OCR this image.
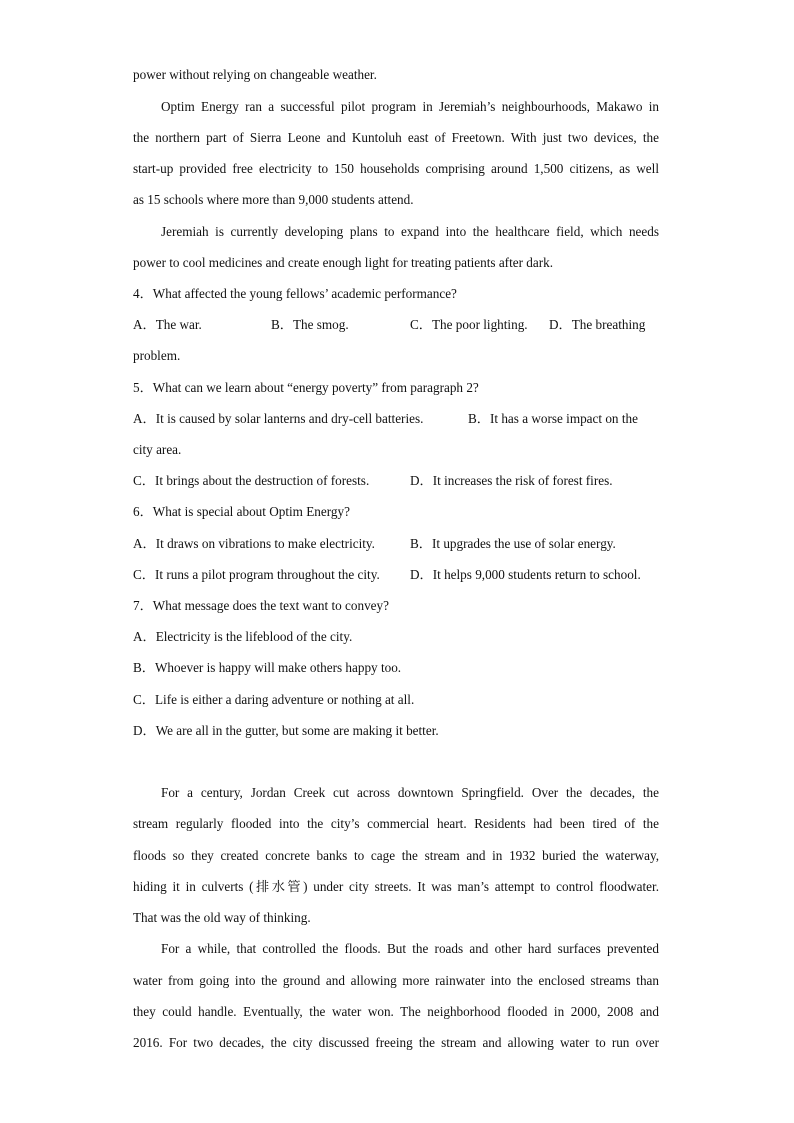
power without relying on changeable weather.
Optim Energy ran a successful pilot program in Jeremiah’s neighbourhoods, Makawo in
the northern part of Sierra Leone and Kuntoluh east of Freetown. With just two devices, the
start-up provided free electricity to 150 households comprising around 1,500 citizens, as well
as 15 schools where more than 9,000 students attend.
Jeremiah is currently developing plans to expand into the healthcare field, which needs
power to cool medicines and create enough light for treating patients after dark.
4．What affected the young fellows’ academic performance?
A．The war.	B．The smog.	C．The poor lighting. D．The breathing
problem.
5．What can we learn about “energy poverty” from paragraph 2?
A．It is caused by solar lanterns and dry-cell batteries.	B．It has a worse impact on the
city area.
C．It brings about the destruction of forests.	D．It increases the risk of forest fires.
6．What is special about Optim Energy?
A．It draws on vibrations to make electricity.	B．It upgrades the use of solar energy.
C．It runs a pilot program throughout the city. D．It helps 9,000 students return to school.
7．What message does the text want to convey?
A．Electricity is the lifeblood of the city.
B．Whoever is happy will make others happy too.
C．Life is either a daring adventure or nothing at all.
D．We are all in the gutter, but some are making it better.
For a century, Jordan Creek cut across downtown Springfield. Over the decades, the
stream regularly flooded into the city’s commercial heart. Residents had been tired of the
floods so they created concrete banks to cage the stream and in 1932 buried the waterway,
hiding it in culverts (排水管) under city streets. It was man’s attempt to control floodwater.
That was the old way of thinking.
For a while, that controlled the floods. But the roads and other hard surfaces prevented
water from going into the ground and allowing more rainwater into the enclosed streams than
they could handle. Eventually, the water won. The neighborhood flooded in 2000, 2008 and
2016. For two decades, the city discussed freeing the stream and allowing water to run over
